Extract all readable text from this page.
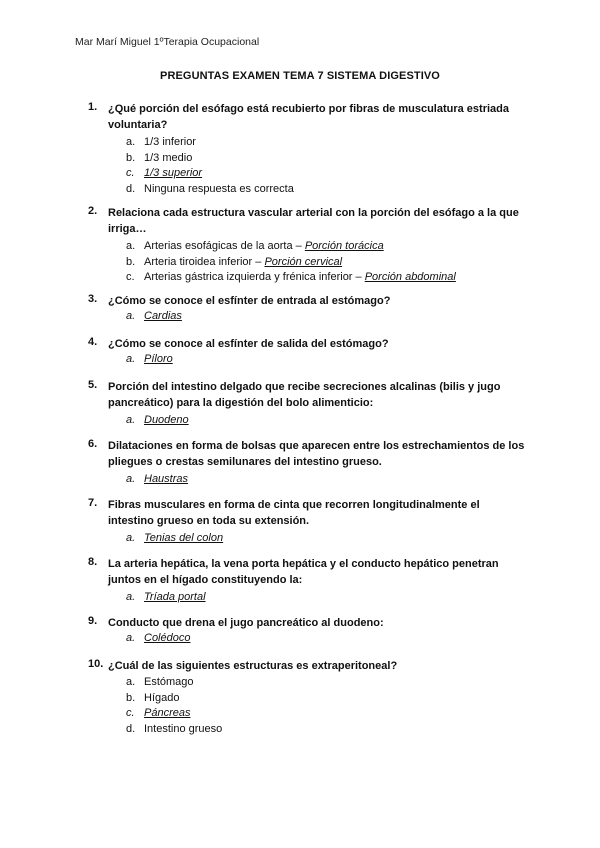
Mar Marí Miguel 1ºTerapia Ocupacional
PREGUNTAS EXAMEN TEMA 7 SISTEMA DIGESTIVO
1. ¿Qué porción del esófago está recubierto por fibras de musculatura estriada voluntaria?
a. 1/3 inferior
b. 1/3 medio
c. 1/3 superior
d. Ninguna respuesta es correcta
2. Relaciona cada estructura vascular arterial con la porción del esófago a la que irriga…
a. Arterias esofágicas de la aorta – Porción torácica
b. Arteria tiroidea inferior – Porción cervical
c. Arterias gástrica izquierda y frénica inferior – Porción abdominal
3. ¿Cómo se conoce el esfínter de entrada al estómago?
a. Cardias
4. ¿Cómo se conoce al esfínter de salida del estómago?
a. Píloro
5. Porción del intestino delgado que recibe secreciones alcalinas (bilis y jugo pancreático) para la digestión del bolo alimenticio:
a. Duodeno
6. Dilataciones en forma de bolsas que aparecen entre los estrechamientos de los pliegues o crestas semilunares del intestino grueso.
a. Haustras
7. Fibras musculares en forma de cinta que recorren longitudinalmente el intestino grueso en toda su extensión.
a. Tenias del colon
8. La arteria hepática, la vena porta hepática y el conducto hepático penetran juntos en el hígado constituyendo la:
a. Tríada portal
9. Conducto que drena el jugo pancreático al duodeno:
a. Colédoco
10. ¿Cuál de las siguientes estructuras es extraperitoneal?
a. Estómago
b. Hígado
c. Páncreas
d. Intestino grueso
